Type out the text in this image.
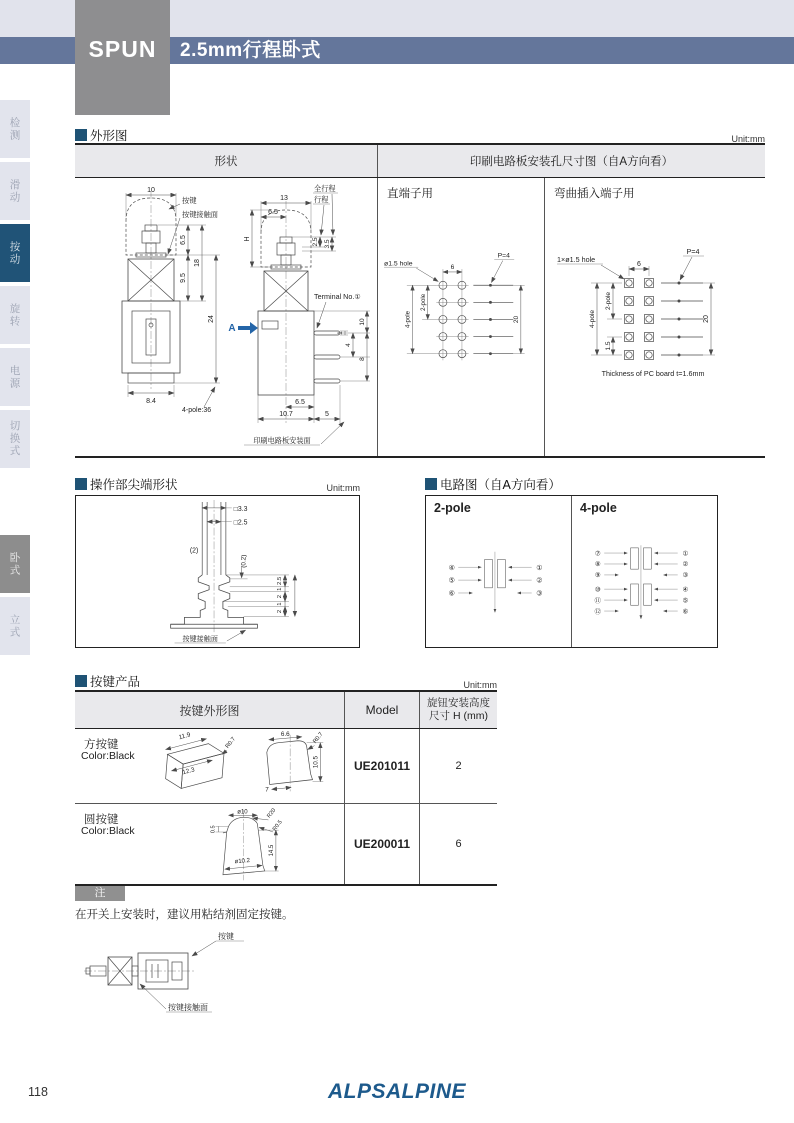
2.5mm行程卧式
SPUN
检测
滑动
按动
旋转
电源
切换式
卧式
立式
外形图	Unit:mm
形状	印刷电路板安装孔尺寸图（自A方向看）
10
8.4
6.5
9.5
18
24
4-pole:36
按键
按键接触面
13
6.5
2.5 3.5
全行程
行程
H
A
Terminal No.①
1
4
10
8
6.5
10.7	5
印刷电路板安装面
直端子用
6
ø1.5 hole
P=4
2-pole
4-pole	20
弯曲插入端子用
6
1×ø1.5 hole
P=4
2-pole
4-pole
1.5
20
Thickness of PC board t=1.6mm
操作部尖端形状	Unit:mm
□3.3
□2.5
(2)
(0.2)
2.5
1
2
1
2
按键接触面
电路图（自A方向看）
2-pole
④
⑤
⑥
①
②
③
4-pole
⑦
⑧
⑨
⑩
⑪
⑫
①
②
③
④
⑤
⑥
按键产品	Unit:mm
按键外形图	Model	旋钮安装高度
尺寸 H (mm)
方按键
Color:Black
11.9
12.3
R0.7
6.6	R0.7
7
10.5	UE201011	2
圆按键
Color:Black
ø10	R20
R0.5
0.5
ø10.2
14.5	UE200011	6
注
在开关上安装时，建议用粘结剂固定按键。
按键
按键接触面
118	ALPSALPINE
